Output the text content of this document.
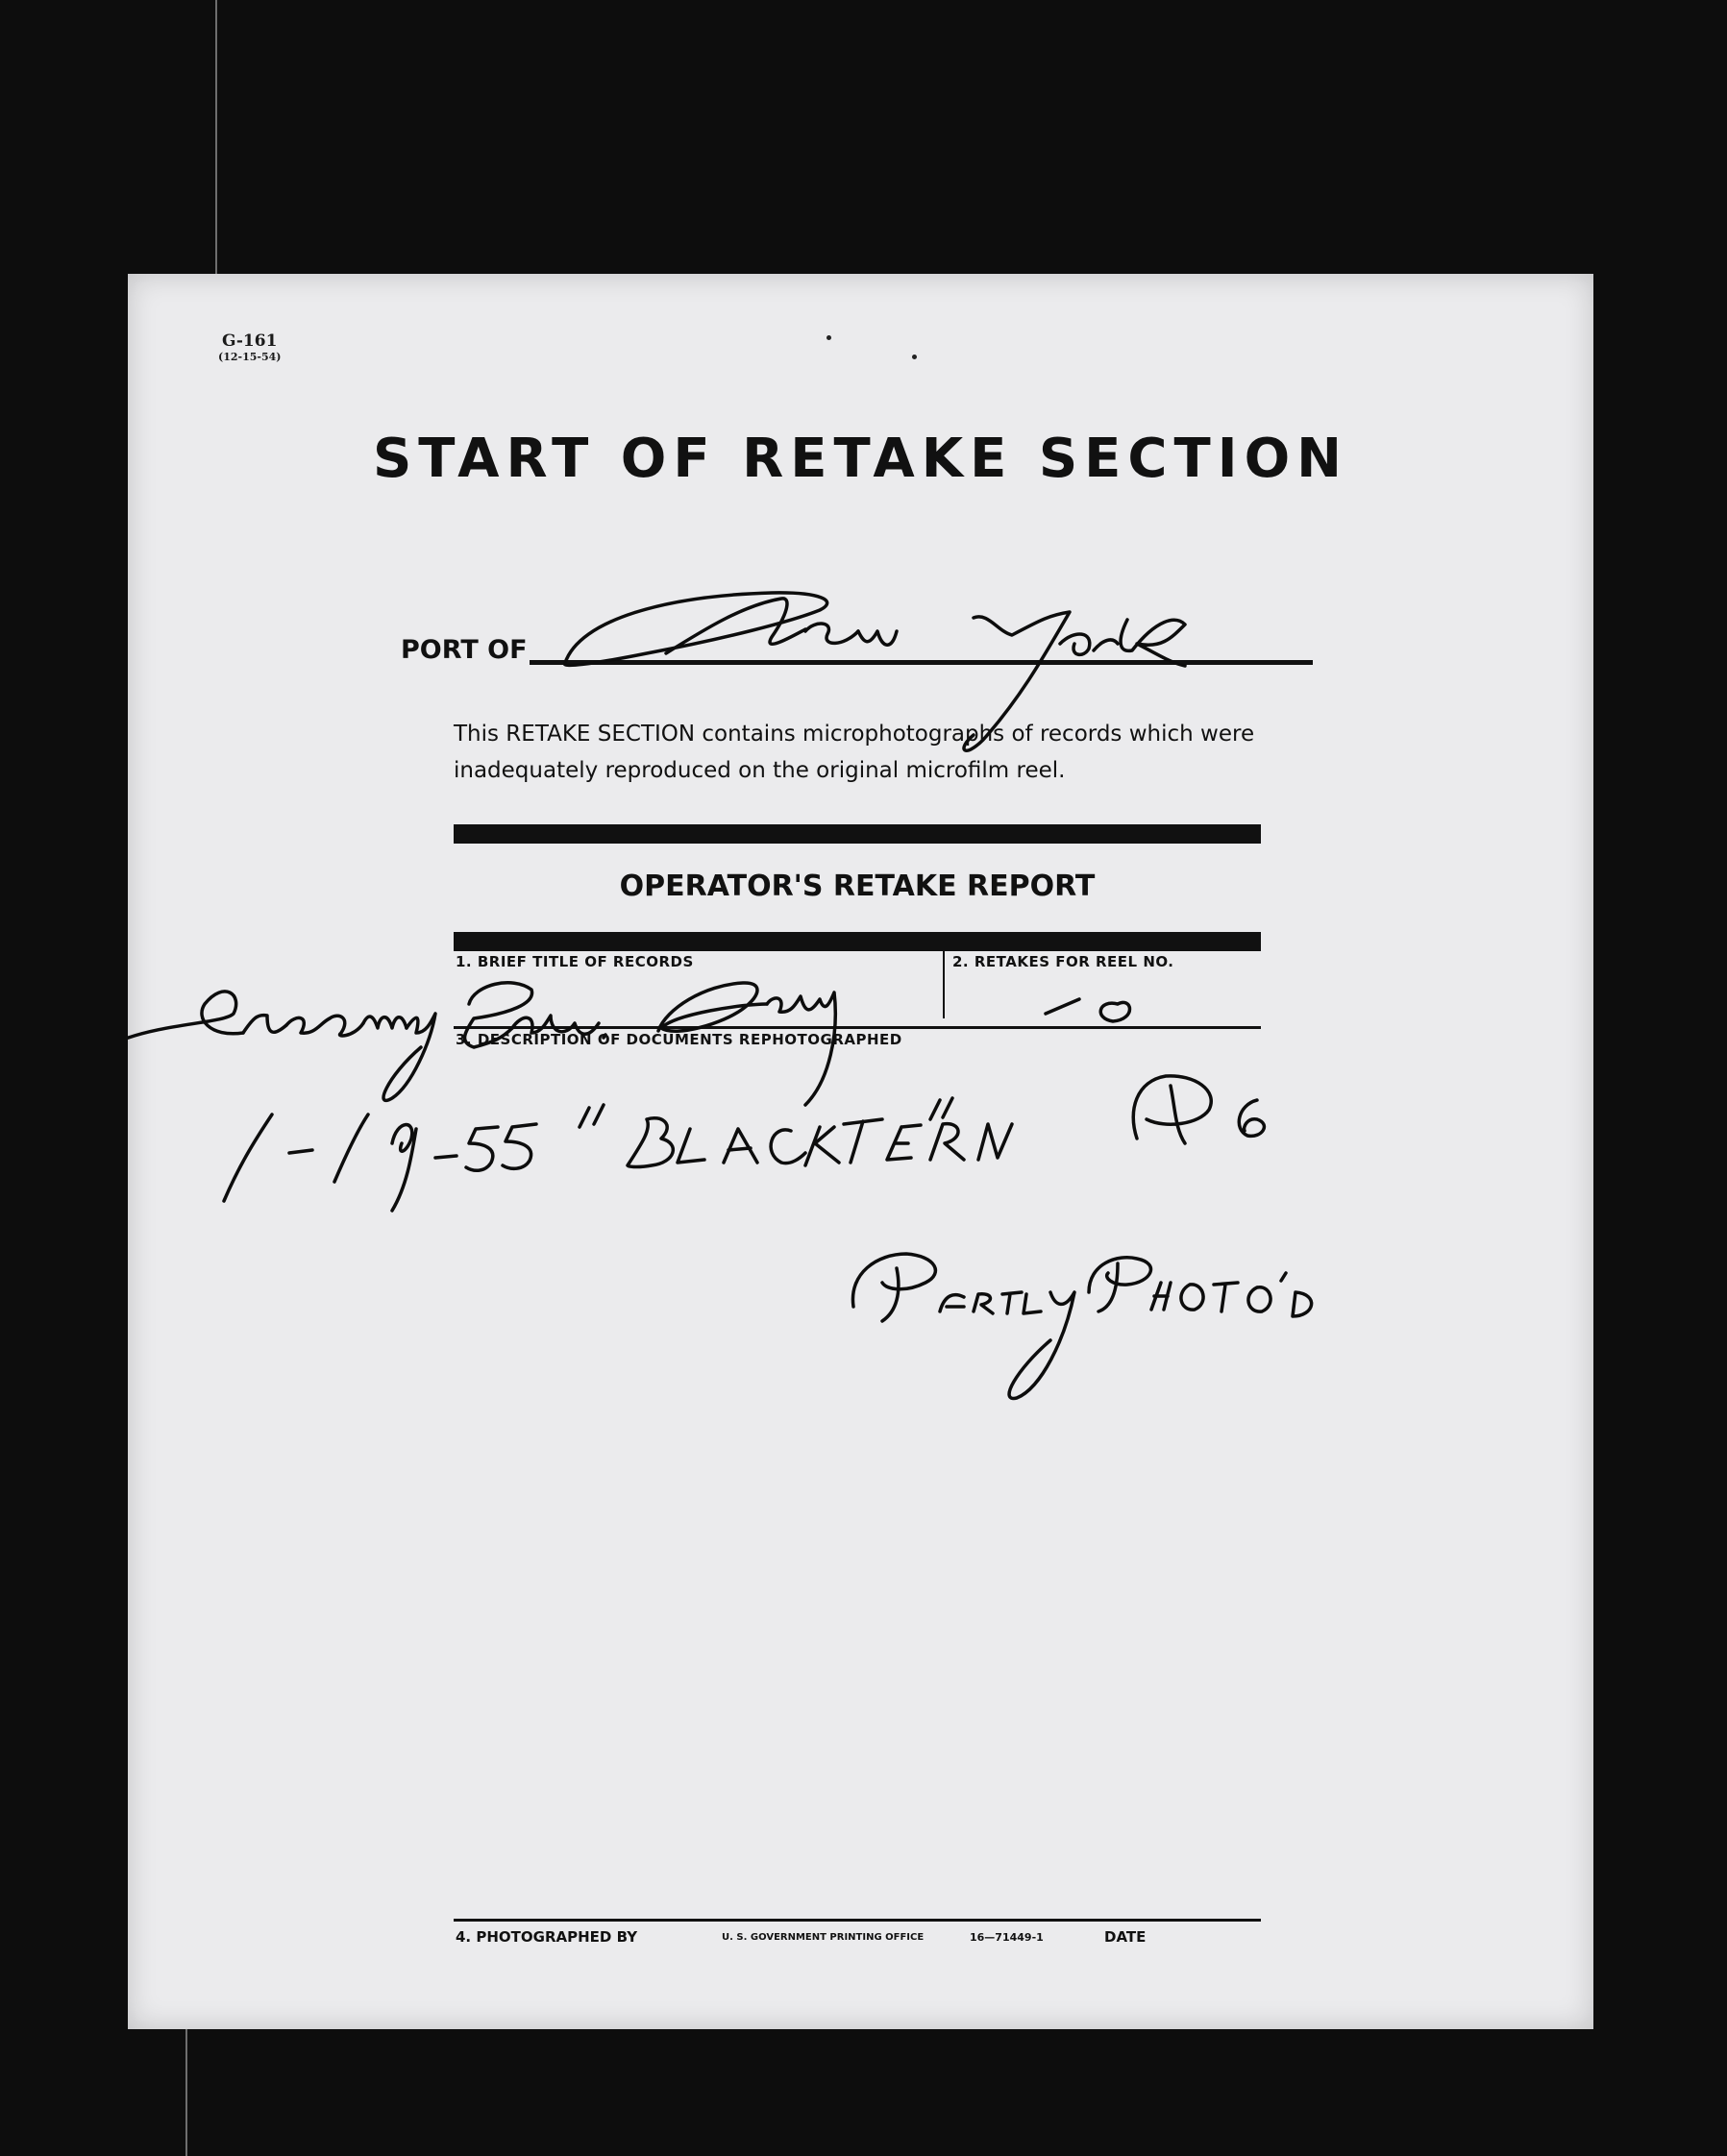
G-161
(12-15-54)
START OF RETAKE SECTION
PORT OF
This RETAKE SECTION contains microphotographs of records which were inadequately reproduced on the original microfilm reel.
OPERATOR'S RETAKE REPORT
1. BRIEF TITLE OF RECORDS	2. RETAKES FOR REEL NO.
3. DESCRIPTION OF DOCUMENTS REPHOTOGRAPHED
4. PHOTOGRAPHED BY	U. S. GOVERNMENT PRINTING OFFICE	16—71449-1	DATE
